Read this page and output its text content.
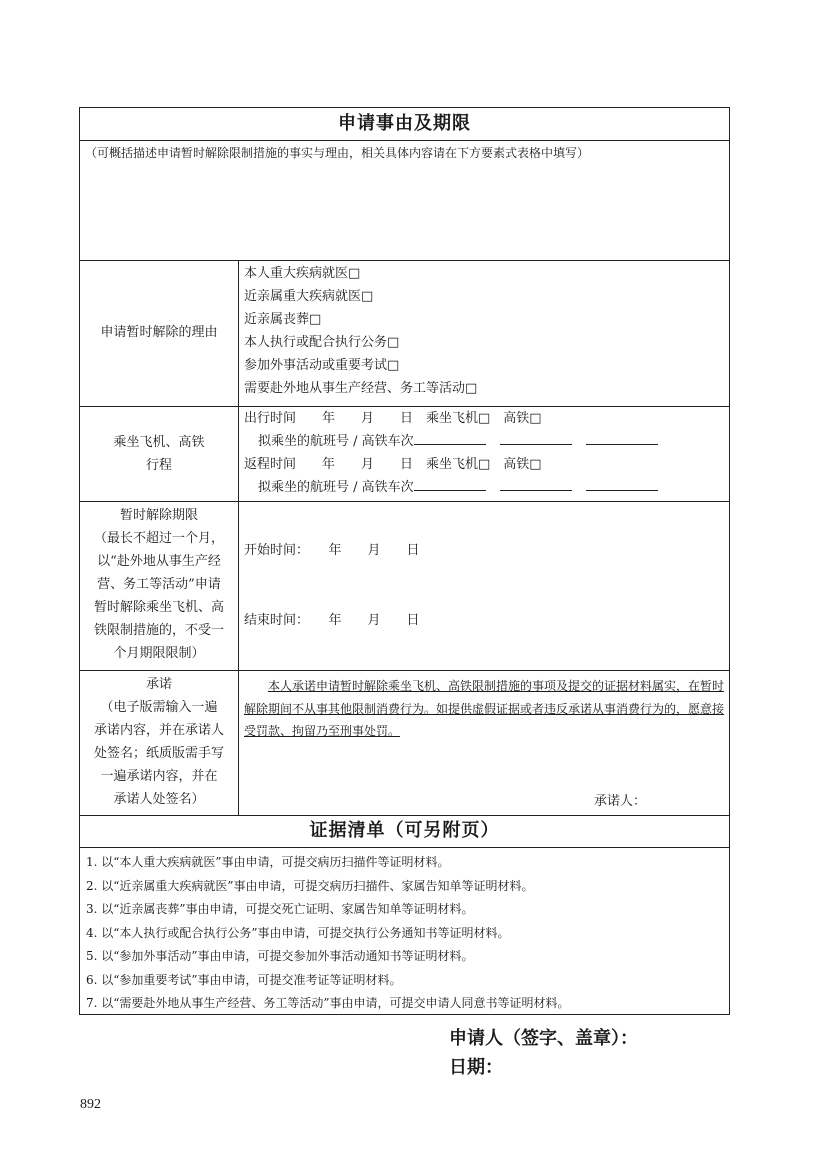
申请事由及期限
（可概括描述申请暂时解除限制措施的事实与理由，相关具体内容请在下方要素式表格中填写）
申请暂时解除的理由
本人重大疾病就医□
近亲属重大疾病就医□
近亲属丧葬□
本人执行或配合执行公务□
参加外事活动或重要考试□
需要赴外地从事生产经营、务工等活动□
乘坐飞机、高铁
行程
出行时间　　年　　月　　日　乘坐飞机□　高铁□
拟乘坐的航班号 / 高铁车次
返程时间　　年　　月　　日　乘坐飞机□　高铁□
拟乘坐的航班号 / 高铁车次
暂时解除期限
（最长不超过一个月，
以“赴外地从事生产经
营、务工等活动”申请
暂时解除乘坐飞机、高
铁限制措施的，不受一
个月期限限制）
开始时间：　　年　　月　　日
结束时间：　　年　　月　　日
承诺
（电子版需输入一遍
承诺内容，并在承诺人
处签名；纸质版需手写
一遍承诺内容，并在
承诺人处签名）
本人承诺申请暂时解除乘坐飞机、高铁限制措施的事项及提交的证据材料属实，在暂时解除期间不从事其他限制消费行为。如提供虚假证据或者违反承诺从事消费行为的，愿意接受罚款、拘留乃至刑事处罚。
承诺人：
证据清单（可另附页）
1. 以“本人重大疾病就医”事由申请，可提交病历扫描件等证明材料。
2. 以“近亲属重大疾病就医”事由申请，可提交病历扫描件、家属告知单等证明材料。
3. 以“近亲属丧葬”事由申请，可提交死亡证明、家属告知单等证明材料。
4. 以“本人执行或配合执行公务”事由申请，可提交执行公务通知书等证明材料。
5. 以“参加外事活动”事由申请，可提交参加外事活动通知书等证明材料。
6. 以“参加重要考试”事由申请，可提交准考证等证明材料。
7. 以“需要赴外地从事生产经营、务工等活动”事由申请，可提交申请人同意书等证明材料。
申请人（签字、盖章）：
日期：
892
